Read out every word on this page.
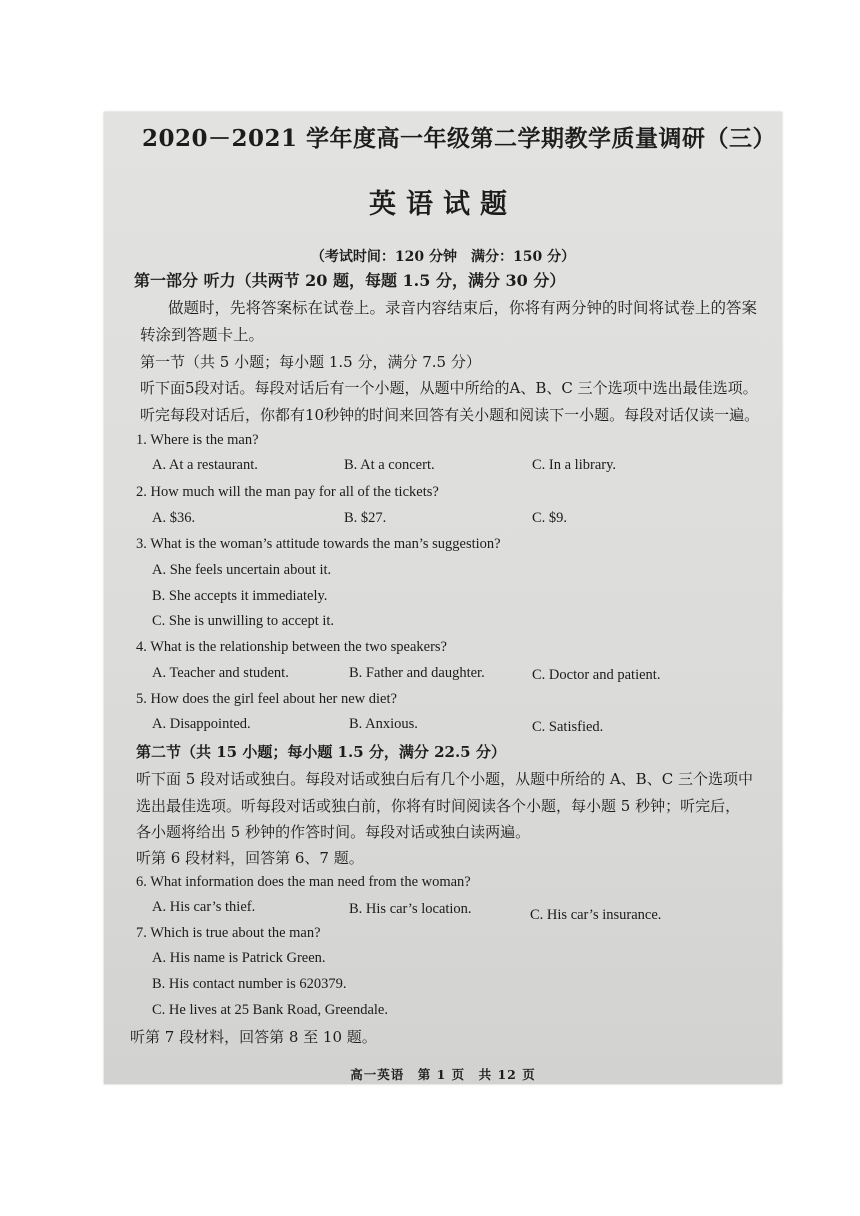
2020－2021 学年度高一年级第二学期教学质量调研（三）
英语试题
（考试时间：120 分钟　满分：150 分）
第一部分 听力（共两节 20 题，每题 1.5 分，满分 30 分）
做题时，先将答案标在试卷上。录音内容结束后，你将有两分钟的时间将试卷上的答案
转涂到答题卡上。
第一节（共 5 小题；每小题 1.5 分，满分 7.5 分）
听下面5段对话。每段对话后有一个小题，从题中所给的A、B、C 三个选项中选出最佳选项。
听完每段对话后，你都有10秒钟的时间来回答有关小题和阅读下一小题。每段对话仅读一遍。
1. Where is the man?
A. At a restaurant.	B. At a concert.	C. In a library.
2. How much will the man pay for all of the tickets?
A. $36.	B. $27.	C. $9.
3. What is the woman’s attitude towards the man’s suggestion?
A. She feels uncertain about it.
B. She accepts it immediately.
C. She is unwilling to accept it.
4. What is the relationship between the two speakers?
A. Teacher and student.	B. Father and daughter.	C. Doctor and patient.
5. How does the girl feel about her new diet?
A. Disappointed.	B. Anxious.	C. Satisfied.
第二节（共 15 小题；每小题 1.5 分，满分 22.5 分）
听下面 5 段对话或独白。每段对话或独白后有几个小题，从题中所给的 A、B、C 三个选项中
选出最佳选项。听每段对话或独白前，你将有时间阅读各个小题，每小题 5 秒钟；听完后，
各小题将给出 5 秒钟的作答时间。每段对话或独白读两遍。
听第 6 段材料，回答第 6、7 题。
6. What information does the man need from the woman?
A. His car’s thief.	B. His car’s location.	C. His car’s insurance.
7. Which is true about the man?
A. His name is Patrick Green.
B. His contact number is 620379.
C. He lives at 25 Bank Road, Greendale.
听第 7 段材料，回答第 8 至 10 题。
高一英语　第 1 页　共 12 页
